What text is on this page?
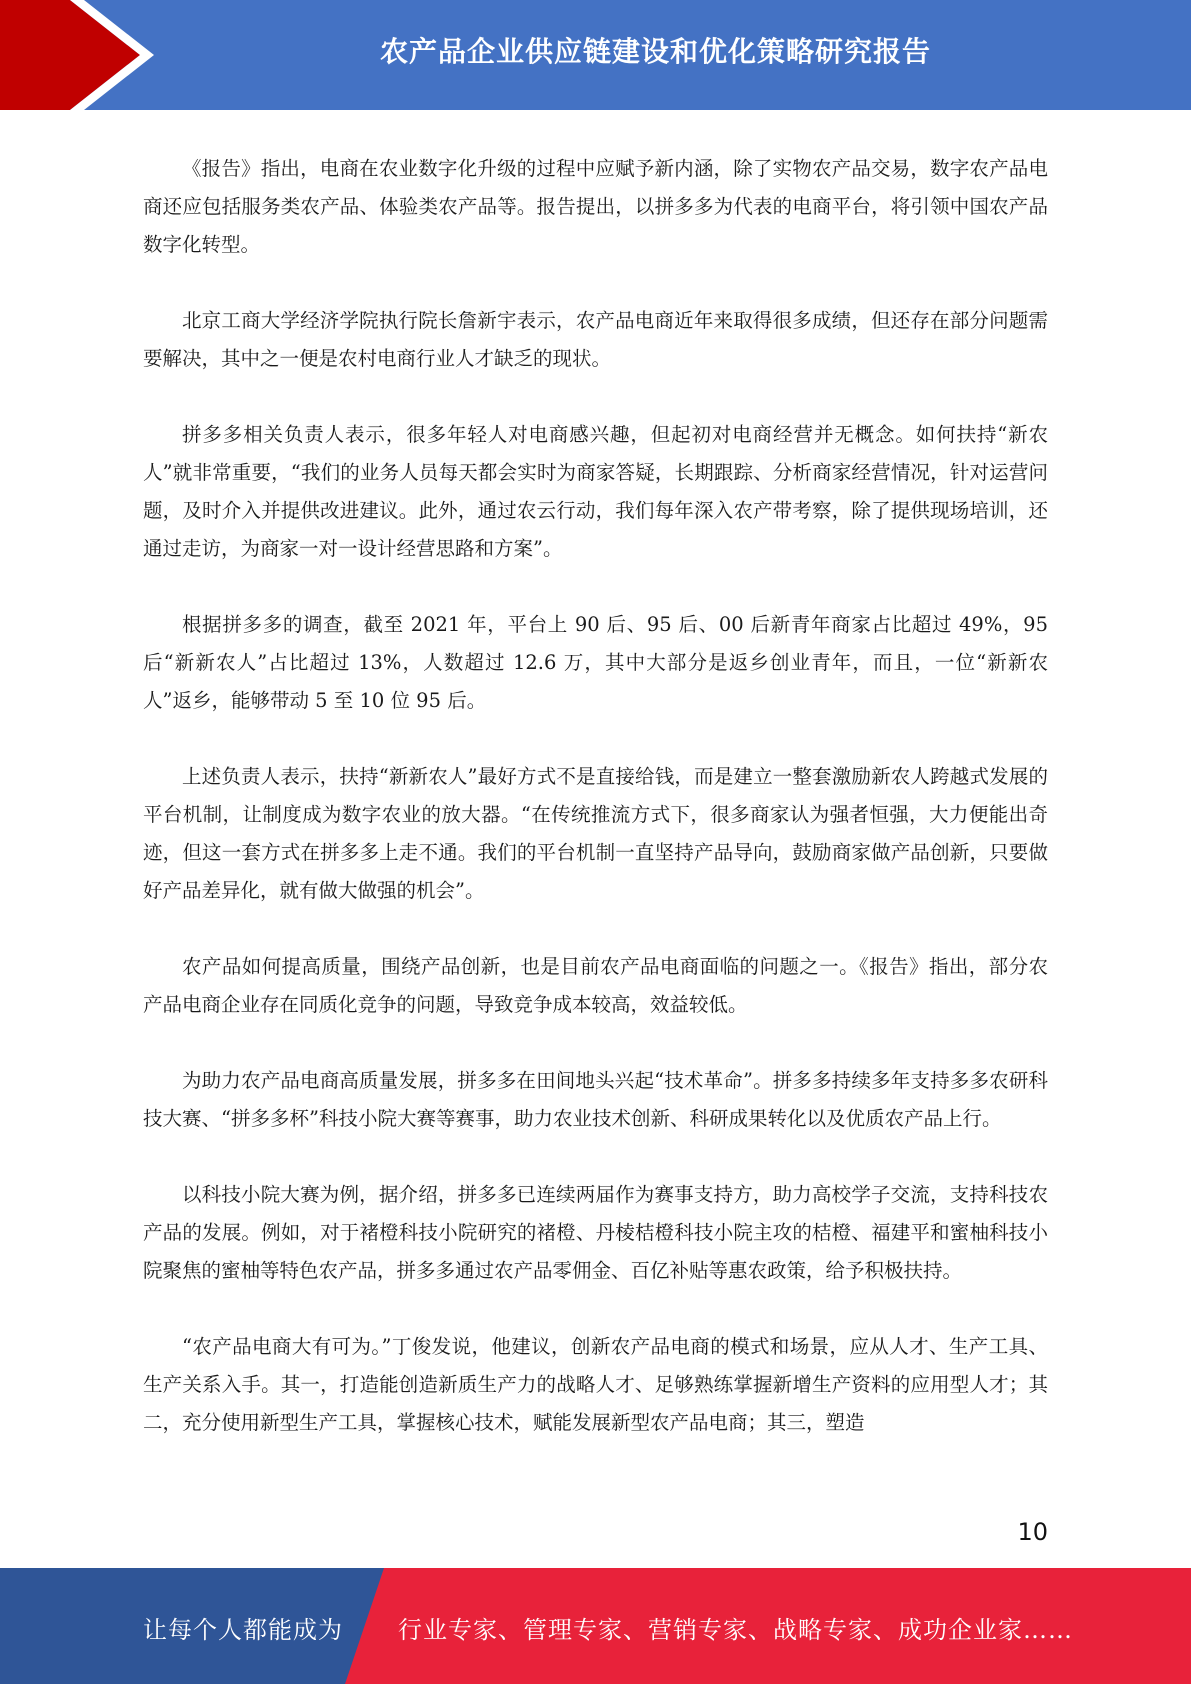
农产品企业供应链建设和优化策略研究报告

《报告》指出，电商在农业数字化升级的过程中应赋予新内涵，除了实物农产品交易，数字农产品电商还应包括服务类农产品、体验类农产品等。报告提出，以拼多多为代表的电商平台，将引领中国农产品数字化转型。

北京工商大学经济学院执行院长詹新宇表示，农产品电商近年来取得很多成绩，但还存在部分问题需要解决，其中之一便是农村电商行业人才缺乏的现状。

拼多多相关负责人表示，很多年轻人对电商感兴趣，但起初对电商经营并无概念。如何扶持“新农人”就非常重要，“我们的业务人员每天都会实时为商家答疑，长期跟踪、分析商家经营情况，针对运营问题，及时介入并提供改进建议。此外，通过农云行动，我们每年深入农产带考察，除了提供现场培训，还通过走访，为商家一对一设计经营思路和方案”。

根据拼多多的调查，截至 2021 年，平台上 90 后、95 后、00 后新青年商家占比超过 49%，95 后“新新农人”占比超过 13%，人数超过 12.6 万，其中大部分是返乡创业青年，而且，一位“新新农人”返乡，能够带动 5 至 10 位 95 后。

上述负责人表示，扶持“新新农人”最好方式不是直接给钱，而是建立一整套激励新农人跨越式发展的平台机制，让制度成为数字农业的放大器。“在传统推流方式下，很多商家认为强者恒强，大力便能出奇迹，但这一套方式在拼多多上走不通。我们的平台机制一直坚持产品导向，鼓励商家做产品创新，只要做好产品差异化，就有做大做强的机会”。

农产品如何提高质量，围绕产品创新，也是目前农产品电商面临的问题之一。《报告》指出，部分农产品电商企业存在同质化竞争的问题，导致竞争成本较高，效益较低。

为助力农产品电商高质量发展，拼多多在田间地头兴起“技术革命”。拼多多持续多年支持多多农研科技大赛、“拼多多杯”科技小院大赛等赛事，助力农业技术创新、科研成果转化以及优质农产品上行。

以科技小院大赛为例，据介绍，拼多多已连续两届作为赛事支持方，助力高校学子交流，支持科技农产品的发展。例如，对于褚橙科技小院研究的褚橙、丹棱桔橙科技小院主攻的桔橙、福建平和蜜柚科技小院聚焦的蜜柚等特色农产品，拼多多通过农产品零佣金、百亿补贴等惠农政策，给予积极扶持。

“农产品电商大有可为。”丁俊发说，他建议，创新农产品电商的模式和场景，应从人才、生产工具、生产关系入手。其一，打造能创造新质生产力的战略人才、足够熟练掌握新增生产资料的应用型人才；其二，充分使用新型生产工具，掌握核心技术，赋能发展新型农产品电商；其三，塑造

10
让每个人都能成为 行业专家、管理专家、营销专家、战略专家、成功企业家……
